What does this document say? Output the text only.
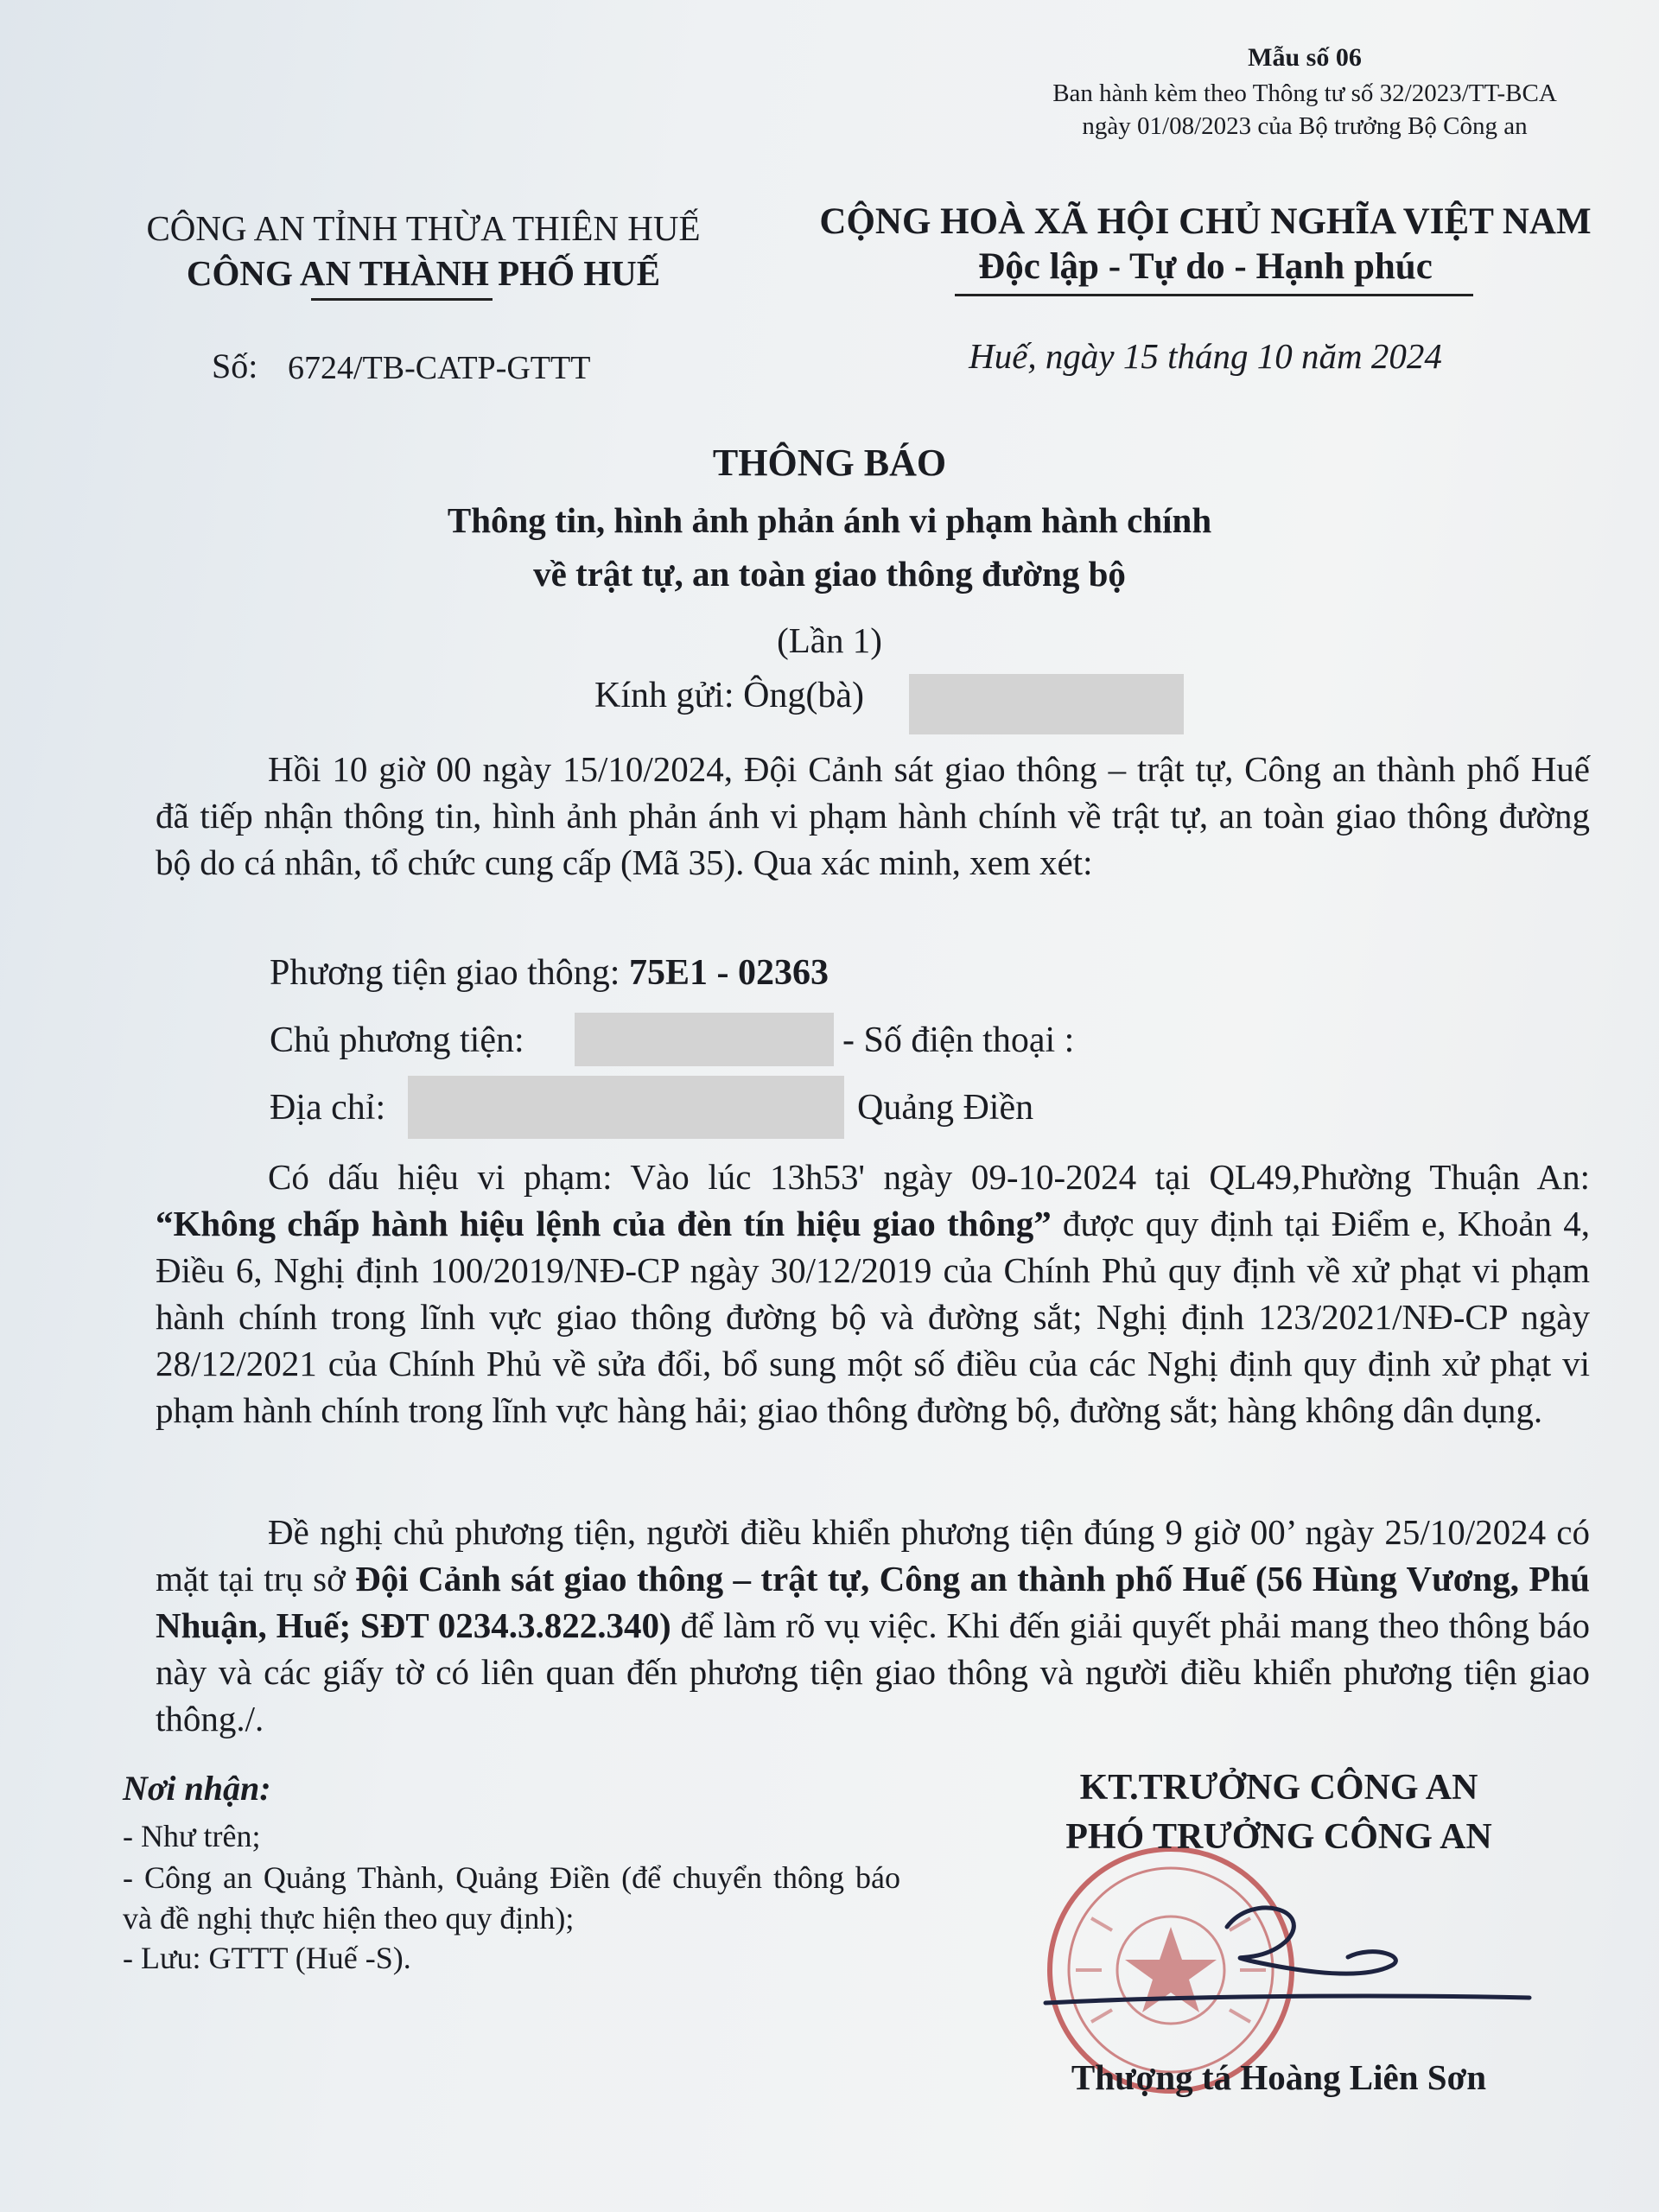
Mẫu số 06
Ban hành kèm theo Thông tư số 32/2023/TT-BCA
ngày 01/08/2023 của Bộ trưởng Bộ Công an
CÔNG AN TỈNH THỪA THIÊN HUẾ
CÔNG AN THÀNH PHỐ HUẾ
Số: 6724/TB-CATP-GTTT
CỘNG HOÀ XÃ HỘI CHỦ NGHĨA VIỆT NAM
Độc lập - Tự do - Hạnh phúc
Huế, ngày 15 tháng 10 năm 2024
THÔNG BÁO
Thông tin, hình ảnh phản ánh vi phạm hành chính
về trật tự, an toàn giao thông đường bộ
(Lần 1)
Kính gửi: Ông(bà)
Hồi 10 giờ 00 ngày 15/10/2024, Đội Cảnh sát giao thông – trật tự, Công an thành phố Huế đã tiếp nhận thông tin, hình ảnh phản ánh vi phạm hành chính về trật tự, an toàn giao thông đường bộ do cá nhân, tổ chức cung cấp (Mã 35). Qua xác minh, xem xét:
Phương tiện giao thông: 75E1 - 02363
Chủ phương tiện:	- Số điện thoại :
Địa chỉ:	Quảng Điền
Có dấu hiệu vi phạm: Vào lúc 13h53' ngày 09-10-2024 tại QL49,Phường Thuận An: “Không chấp hành hiệu lệnh của đèn tín hiệu giao thông” được quy định tại Điểm e, Khoản 4, Điều 6, Nghị định 100/2019/NĐ-CP ngày 30/12/2019 của Chính Phủ quy định về xử phạt vi phạm hành chính trong lĩnh vực giao thông đường bộ và đường sắt; Nghị định 123/2021/NĐ-CP ngày 28/12/2021 của Chính Phủ về sửa đổi, bổ sung một số điều của các Nghị định quy định xử phạt vi phạm hành chính trong lĩnh vực hàng hải; giao thông đường bộ, đường sắt; hàng không dân dụng.
Đề nghị chủ phương tiện, người điều khiển phương tiện đúng 9 giờ 00’ ngày 25/10/2024 có mặt tại trụ sở Đội Cảnh sát giao thông – trật tự, Công an thành phố Huế (56 Hùng Vương, Phú Nhuận, Huế; SĐT 0234.3.822.340) để làm rõ vụ việc. Khi đến giải quyết phải mang theo thông báo này và các giấy tờ có liên quan đến phương tiện giao thông và người điều khiển phương tiện giao thông./.
Nơi nhận:
- Như trên;
- Công an Quảng Thành, Quảng Điền (để chuyển thông báo và đề nghị thực hiện theo quy định);
- Lưu: GTTT (Huế -S).
KT.TRƯỞNG CÔNG AN
PHÓ TRƯỞNG CÔNG AN
Thượng tá Hoàng Liên Sơn
